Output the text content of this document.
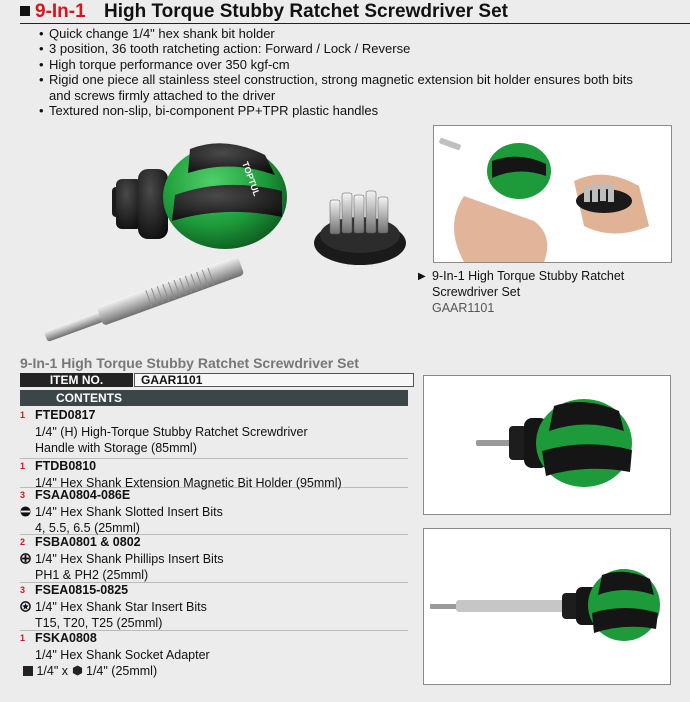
9-In-1 High Torque Stubby Ratchet Screwdriver Set
• Quick change 1/4" hex shank bit holder
• 3 position, 36 tooth ratcheting action: Forward / Lock / Reverse
• High torque performance over 350 kgf-cm
• Rigid one piece all stainless steel construction, strong magnetic extension bit holder ensures both bits
and screws firmly attached to the driver
• Textured non-slip, bi-component PP+TPR plastic handles
TOPTUL
▶ 9-In-1 High Torque Stubby Ratchet
Screwdriver Set
GAAR1101
9-In-1 High Torque Stubby Ratchet Screwdriver Set
ITEM NO.	GAAR1101
CONTENTS
1 FTED0817
1/4" (H) High-Torque Stubby Ratchet Screwdriver
Handle with Storage (85mml)
1 FTDB0810
1/4" Hex Shank Extension Magnetic Bit Holder (95mml)
3 FSAA0804-086E
1/4" Hex Shank Slotted Insert Bits
4, 5.5, 6.5 (25mml)
2 FSBA0801 & 0802
1/4" Hex Shank Phillips Insert Bits
PH1 & PH2 (25mml)
3 FSEA0815-0825
1/4" Hex Shank Star Insert Bits
T15, T20, T25 (25mml)
1 FSKA0808
1/4" Hex Shank Socket Adapter
1/4" x 1/4" (25mml)
